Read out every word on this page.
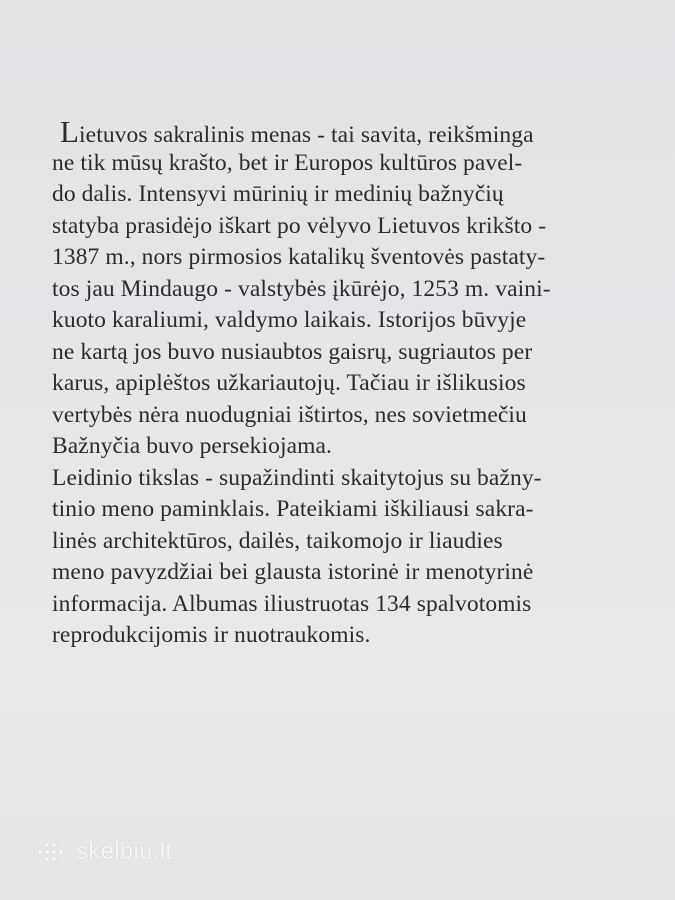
Lietuvos sakralinis menas - tai savita, reikšminga
ne tik mūsų krašto, bet ir Europos kultūros pavel-
do dalis. Intensyvi mūrinių ir medinių bažnyčių
statyba prasidėjo iškart po vėlyvo Lietuvos krikšto -
1387 m., nors pirmosios katalikų šventovės pastaty-
tos jau Mindaugo - valstybės įkūrėjo, 1253 m. vaini-
kuoto karaliumi, valdymo laikais. Istorijos būvyje
ne kartą jos buvo nusiaubtos gaisrų, sugriautos per
karus, apiplėštos užkariautojų. Tačiau ir išlikusios
vertybės nėra nuodugniai ištirtos, nes sovietmečiu
Bažnyčia buvo persekiojama.
Leidinio tikslas - supažindinti skaitytojus su bažny-
tinio meno paminklais. Pateikiami iškiliausi sakra-
linės architektūros, dailės, taikomojo ir liaudies
meno pavyzdžiai bei glausta istorinė ir menotyrinė
informacija. Albumas iliustruotas 134 spalvotomis
reprodukcijomis ir nuotraukomis.
skelbiu.lt
